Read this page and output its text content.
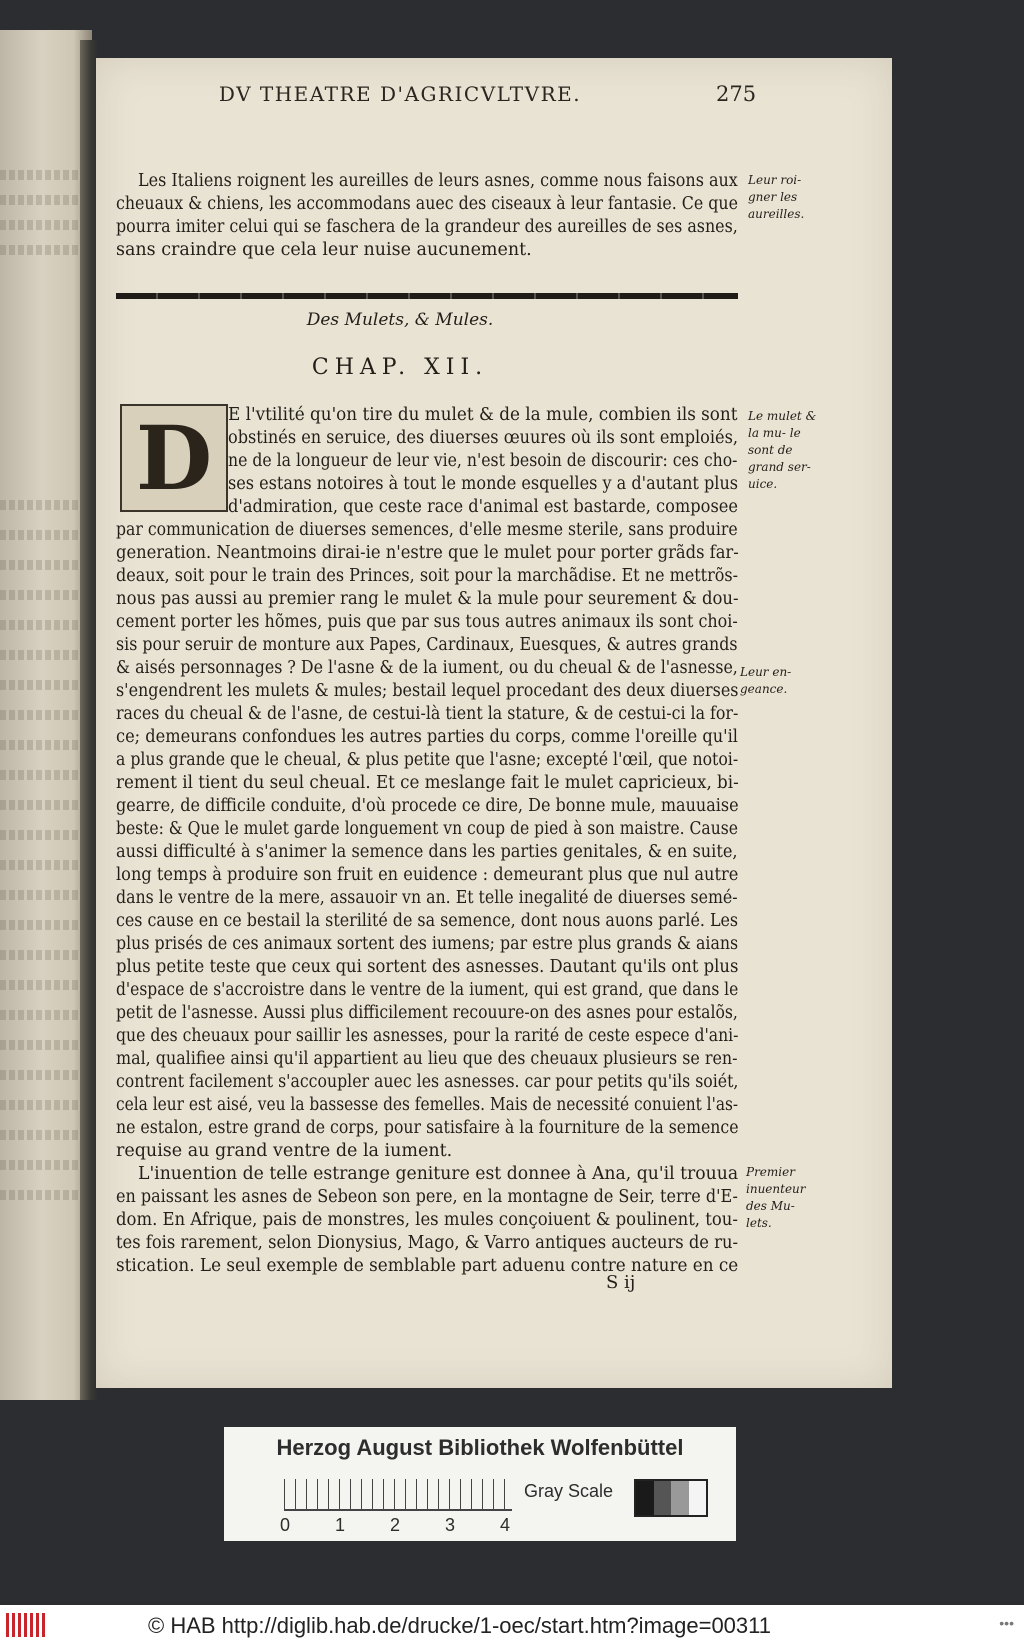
DV THEATRE D'AGRICVLTVRE.	275
Les Italiens roignent les aureilles de leurs asnes, comme nous faisons aux
cheuaux & chiens, les accommodans auec des ciseaux à leur fantasie. Ce que
pourra imiter celui qui se faschera de la grandeur des aureilles de ses asnes,
sans craindre que cela leur nuise aucunement.
Leur roi- gner les aureilles.
Des Mulets, & Mules.
CHAP. XII.
D E l'vtilité qu'on tire du mulet & de la mule, combien ils sont
obstinés en seruice, des diuerses œuures où ils sont emploiés,
ne de la longueur de leur vie, n'est besoin de discourir: ces cho-
ses estans notoires à tout le monde esquelles y a d'autant plus
d'admiration, que ceste race d'animal est bastarde, composee
par communication de diuerses semences, d'elle mesme sterile, sans produire
generation. Neantmoins dirai-ie n'estre que le mulet pour porter grãds far-
deaux, soit pour le train des Princes, soit pour la marchãdise. Et ne mettrõs-
nous pas aussi au premier rang le mulet & la mule pour seurement & dou-
cement porter les hõmes, puis que par sus tous autres animaux ils sont choi-
sis pour seruir de monture aux Papes, Cardinaux, Euesques, & autres grands
& aisés personnages ? De l'asne & de la iument, ou du cheual & de l'asnesse,
s'engendrent les mulets & mules; bestail lequel procedant des deux diuerses
races du cheual & de l'asne, de cestui-là tient la stature, & de cestui-ci la for-
ce; demeurans confondues les autres parties du corps, comme l'oreille qu'il
a plus grande que le cheual, & plus petite que l'asne; excepté l'œil, que notoi-
rement il tient du seul cheual. Et ce meslange fait le mulet capricieux, bi-
gearre, de difficile conduite, d'où procede ce dire, De bonne mule, mauuaise
beste: & Que le mulet garde longuement vn coup de pied à son maistre. Cause
aussi difficulté à s'animer la semence dans les parties genitales, & en suite,
long temps à produire son fruit en euidence : demeurant plus que nul autre
dans le ventre de la mere, assauoir vn an. Et telle inegalité de diuerses semé-
ces cause en ce bestail la sterilité de sa semence, dont nous auons parlé. Les
plus prisés de ces animaux sortent des iumens; par estre plus grands & aians
plus petite teste que ceux qui sortent des asnesses. Dautant qu'ils ont plus
d'espace de s'accroistre dans le ventre de la iument, qui est grand, que dans le
petit de l'asnesse. Aussi plus difficilement recouure-on des asnes pour estalõs,
que des cheuaux pour saillir les asnesses, pour la rarité de ceste espece d'ani-
mal, qualifiee ainsi qu'il appartient au lieu que des cheuaux plusieurs se ren-
contrent facilement s'accoupler auec les asnesses. car pour petits qu'ils soiét,
cela leur est aisé, veu la bassesse des femelles. Mais de necessité conuient l'as-
ne estalon, estre grand de corps, pour satisfaire à la fourniture de la semence
requise au grand ventre de la iument.
L'inuention de telle estrange geniture est donnee à Ana, qu'il trouua
en paissant les asnes de Sebeon son pere, en la montagne de Seir, terre d'E-
dom. En Afrique, pais de monstres, les mules conçoiuent & poulinent, tou-
tes fois rarement, selon Dionysius, Mago, & Varro antiques aucteurs de ru-
stication. Le seul exemple de semblable part aduenu contre nature en ce
Le mulet & la mu- le sont de grand ser- uice.
Leur en- geance.
Premier inuenteur des Mu- lets.
S ij
Herzog August Bibliothek Wolfenbüttel
0 1 2 3 4
Gray Scale
© HAB http://diglib.hab.de/drucke/1-oec/start.htm?image=00311	•••
